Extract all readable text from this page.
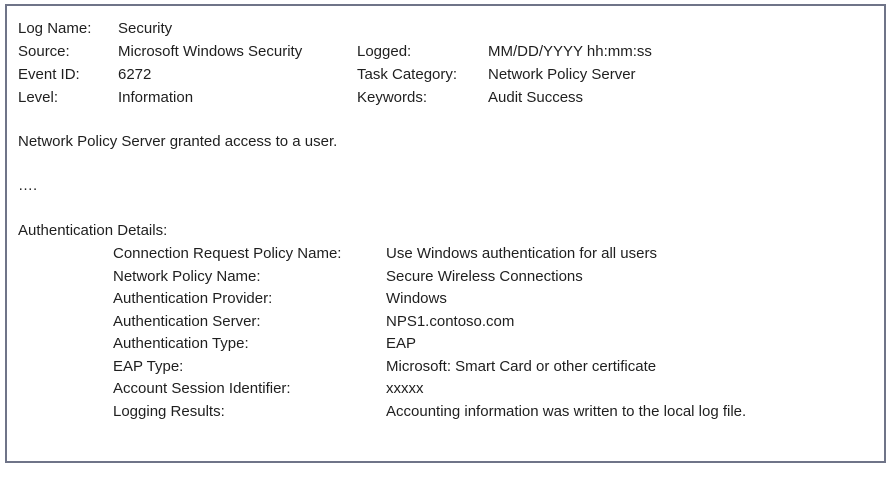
Log Name: Security
Source:	Microsoft Windows Security	Logged:	MM/DD/YYYY hh:mm:ss
Event ID:	6272	Task Category: Network Policy Server
Level:	Information	Keywords:	Audit Success
Network Policy Server granted access to a user.
….
Authentication Details:
Connection Request Policy Name:	Use Windows authentication for all users
Network Policy Name:	Secure Wireless Connections
Authentication Provider:	Windows
Authentication Server:	NPS1.contoso.com
Authentication Type:	EAP
EAP Type:	Microsoft: Smart Card or other certificate
Account Session Identifier:	xxxxx
Logging Results:	Accounting information was written to the local log file.
